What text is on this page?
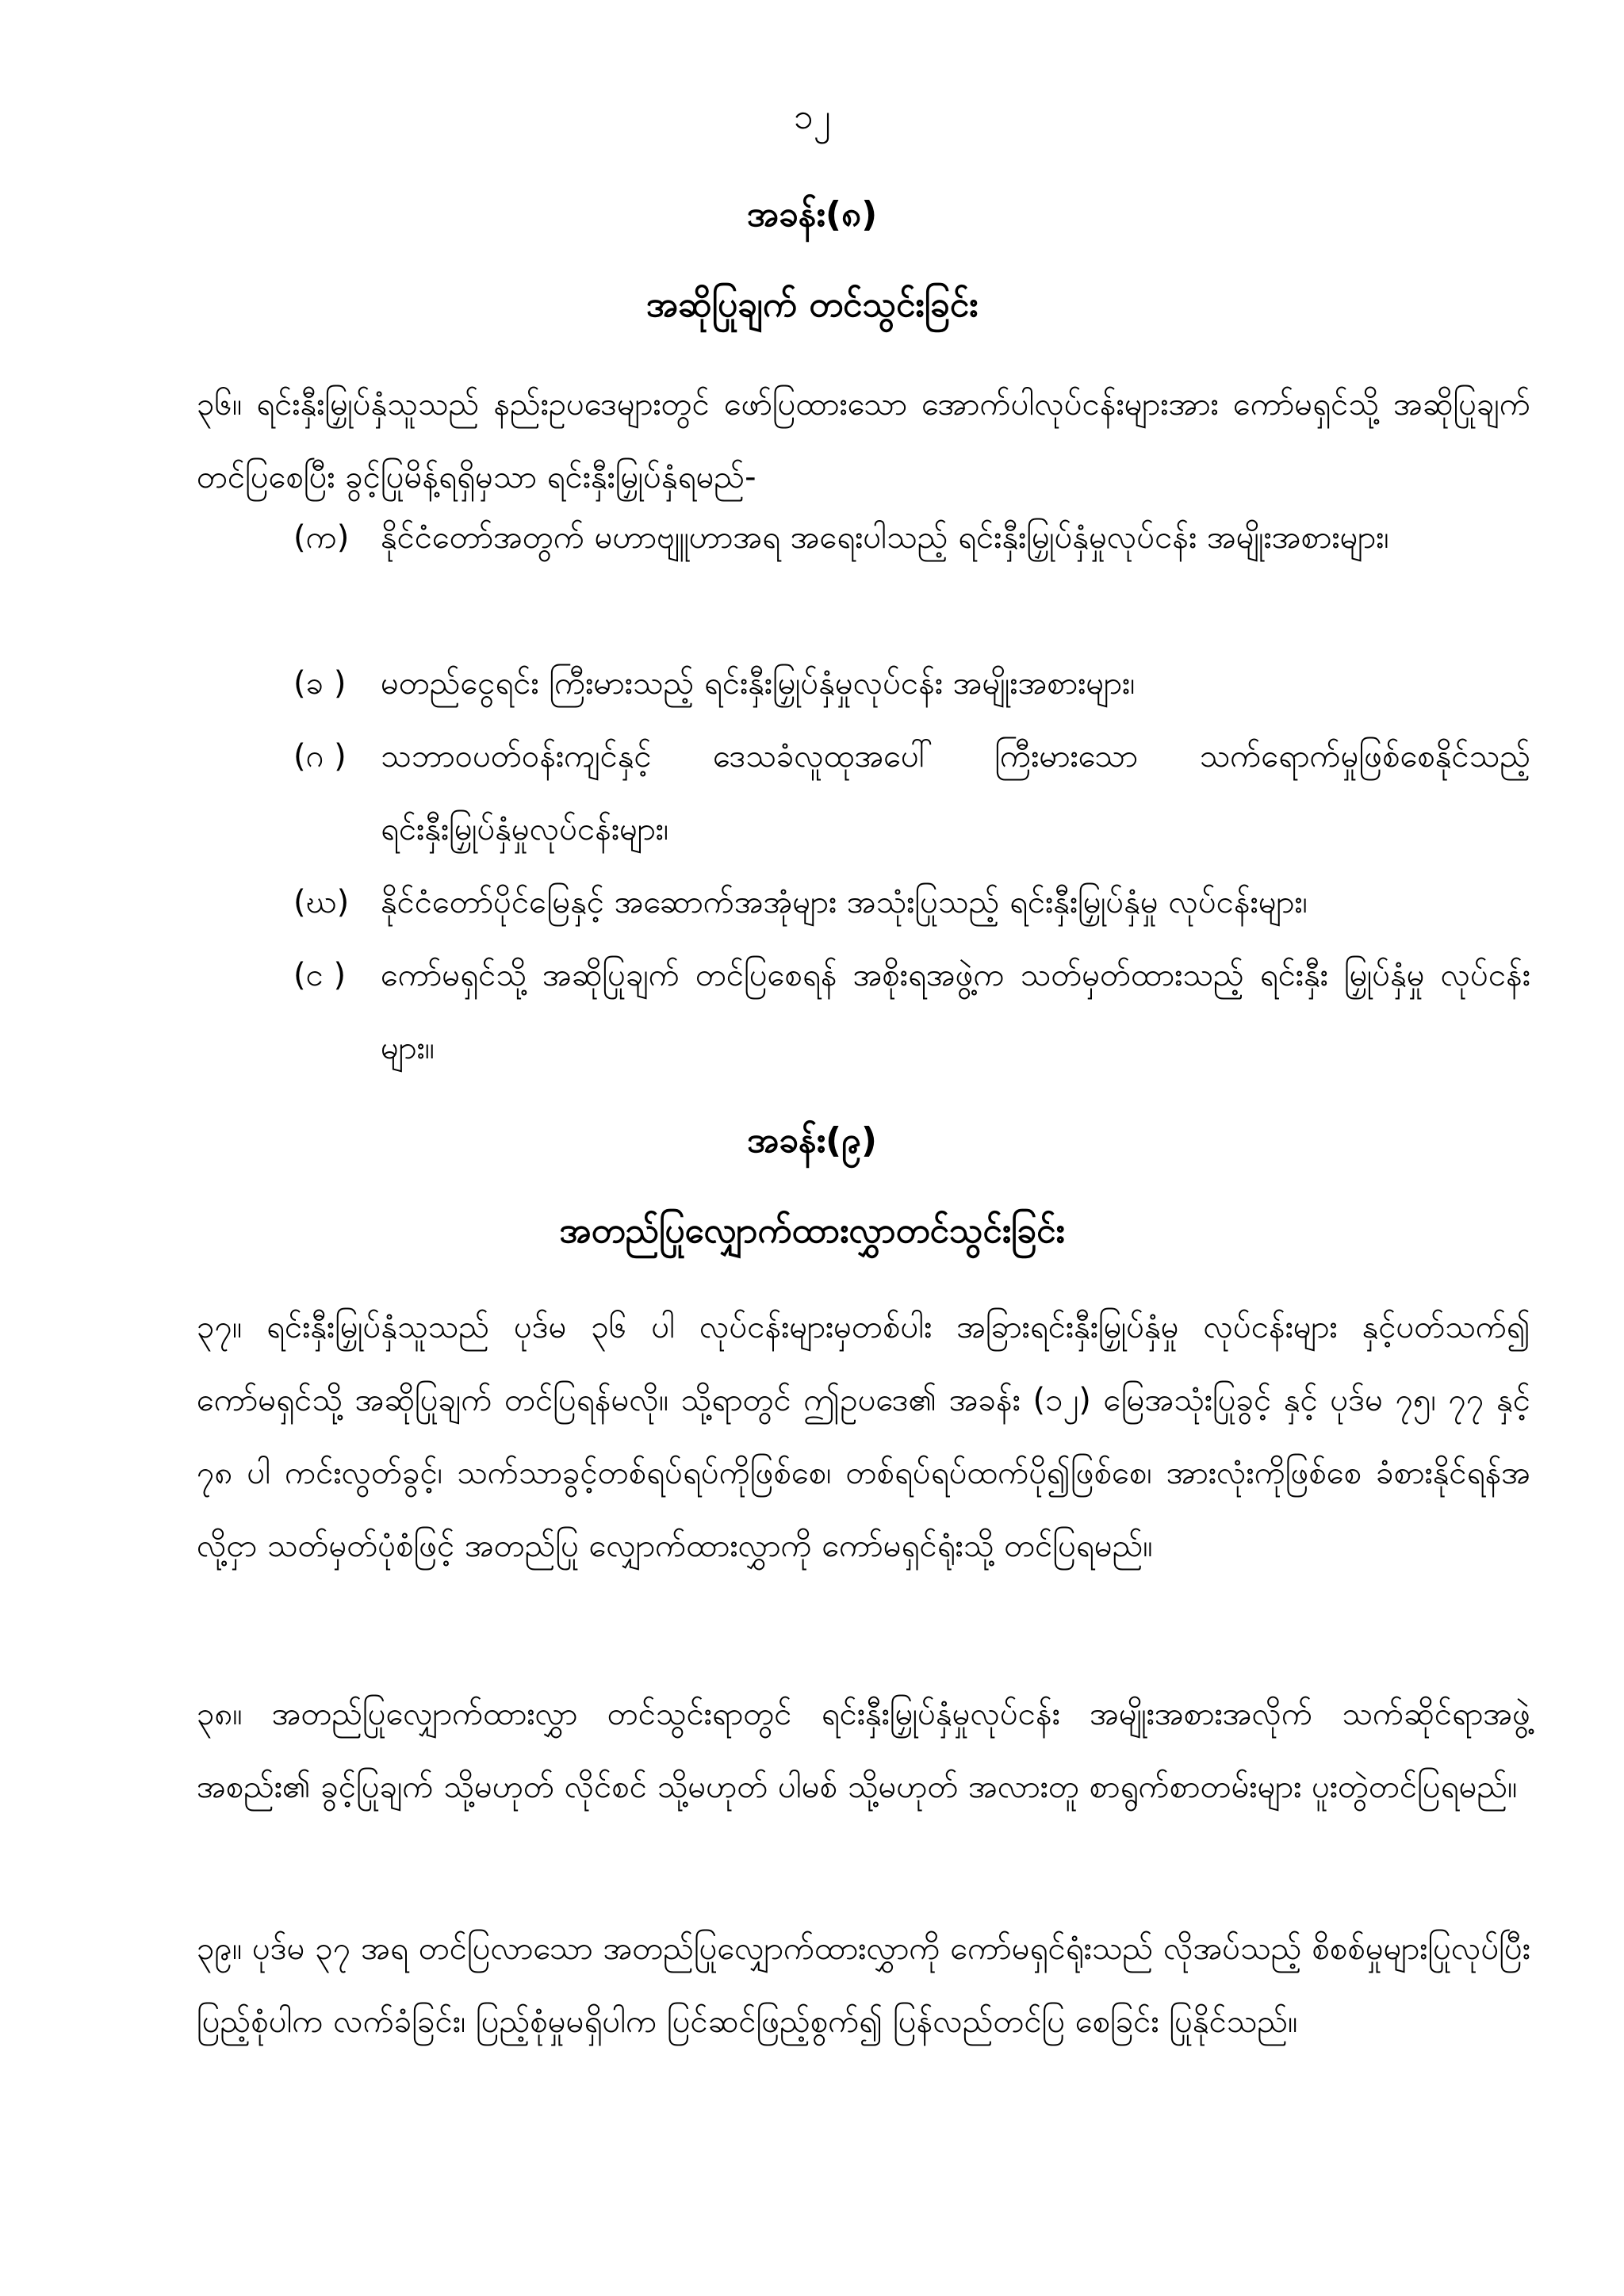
၁၂
အခန်း(၈)
အဆိုပြုချက် တင်သွင်းခြင်း

၃၆။ ရင်းနှီးမြှုပ်နှံသူသည် နည်းဥပဒေများတွင် ဖော်ပြထားသော အောက်ပါလုပ်ငန်းများအား ကော်မရှင်သို့ အဆိုပြုချက်တင်ပြစေပြီး ခွင့်ပြုမိန့်ရရှိမှသာ ရင်းနှီးမြှုပ်နှံရမည်-

(က) နိုင်ငံတော်အတွက် မဟာဗျူဟာအရ အရေးပါသည့် ရင်းနှီးမြှုပ်နှံမှုလုပ်ငန်း အမျိုးအစားများ၊
(ခ )	မတည်ငွေရင်း ကြီးမားသည့် ရင်းနှီးမြှုပ်နှံမှုလုပ်ငန်း အမျိုးအစားများ၊
(ဂ )	သဘာဝပတ်ဝန်းကျင်နှင့် ဒေသခံလူထုအပေါ် ကြီးမားသော သက်ရောက်မှုဖြစ်စေနိုင်သည့် ရင်းနှီးမြှုပ်နှံမှုလုပ်ငန်းများ၊
(ဃ) နိုင်ငံတော်ပိုင်မြေနှင့် အဆောက်အအုံများ အသုံးပြုသည့် ရင်းနှီးမြှုပ်နှံမှု လုပ်ငန်းများ၊
(င )	ကော်မရှင်သို့ အဆိုပြုချက် တင်ပြစေရန် အစိုးရအဖွဲ့က သတ်မှတ်ထားသည့် ရင်းနှီး မြှုပ်နှံမှု လုပ်ငန်းများ။
အခန်း(၉)
အတည်ပြုလျှောက်ထားလွှာတင်သွင်းခြင်း

၃၇။ ရင်းနှီးမြှုပ်နှံသူသည် ပုဒ်မ ၃၆ ပါ လုပ်ငန်းများမှတစ်ပါး အခြားရင်းနှီးမြှုပ်နှံမှု လုပ်ငန်းများ နှင့်ပတ်သက်၍ ကော်မရှင်သို့ အဆိုပြုချက် တင်ပြရန်မလို။ သို့ရာတွင် ဤဥပဒေ၏ အခန်း (၁၂) မြေအသုံးပြုခွင့် နှင့် ပုဒ်မ ၇၅၊ ၇၇ နှင့် ၇၈ ပါ ကင်းလွတ်ခွင့်၊ သက်သာခွင့်တစ်ရပ်ရပ်ကိုဖြစ်စေ၊ တစ်ရပ်ရပ်ထက်ပို၍ဖြစ်စေ၊ အားလုံးကိုဖြစ်စေ ခံစားနိုင်ရန်အလို့ငှာ သတ်မှတ်ပုံစံဖြင့် အတည်ပြု လျှောက်ထားလွှာကို ကော်မရှင်ရုံးသို့ တင်ပြရမည်။

၃၈။ အတည်ပြုလျှောက်ထားလွှာ တင်သွင်းရာတွင် ရင်းနှီးမြှုပ်နှံမှုလုပ်ငန်း အမျိုးအစားအလိုက် သက်ဆိုင်ရာအဖွဲ့အစည်း၏ ခွင့်ပြုချက် သို့မဟုတ် လိုင်စင် သို့မဟုတ် ပါမစ် သို့မဟုတ် အလားတူ စာရွက်စာတမ်းများ ပူးတွဲတင်ပြရမည်။

၃၉။ ပုဒ်မ ၃၇ အရ တင်ပြလာသော အတည်ပြုလျှောက်ထားလွှာကို ကော်မရှင်ရုံးသည် လိုအပ်သည့် စိစစ်မှုများပြုလုပ်ပြီး ပြည့်စုံပါက လက်ခံခြင်း၊ ပြည့်စုံမှုမရှိပါက ပြင်ဆင်ဖြည့်စွက်၍ ပြန်လည်တင်ပြ စေခြင်း ပြုနိုင်သည်။
